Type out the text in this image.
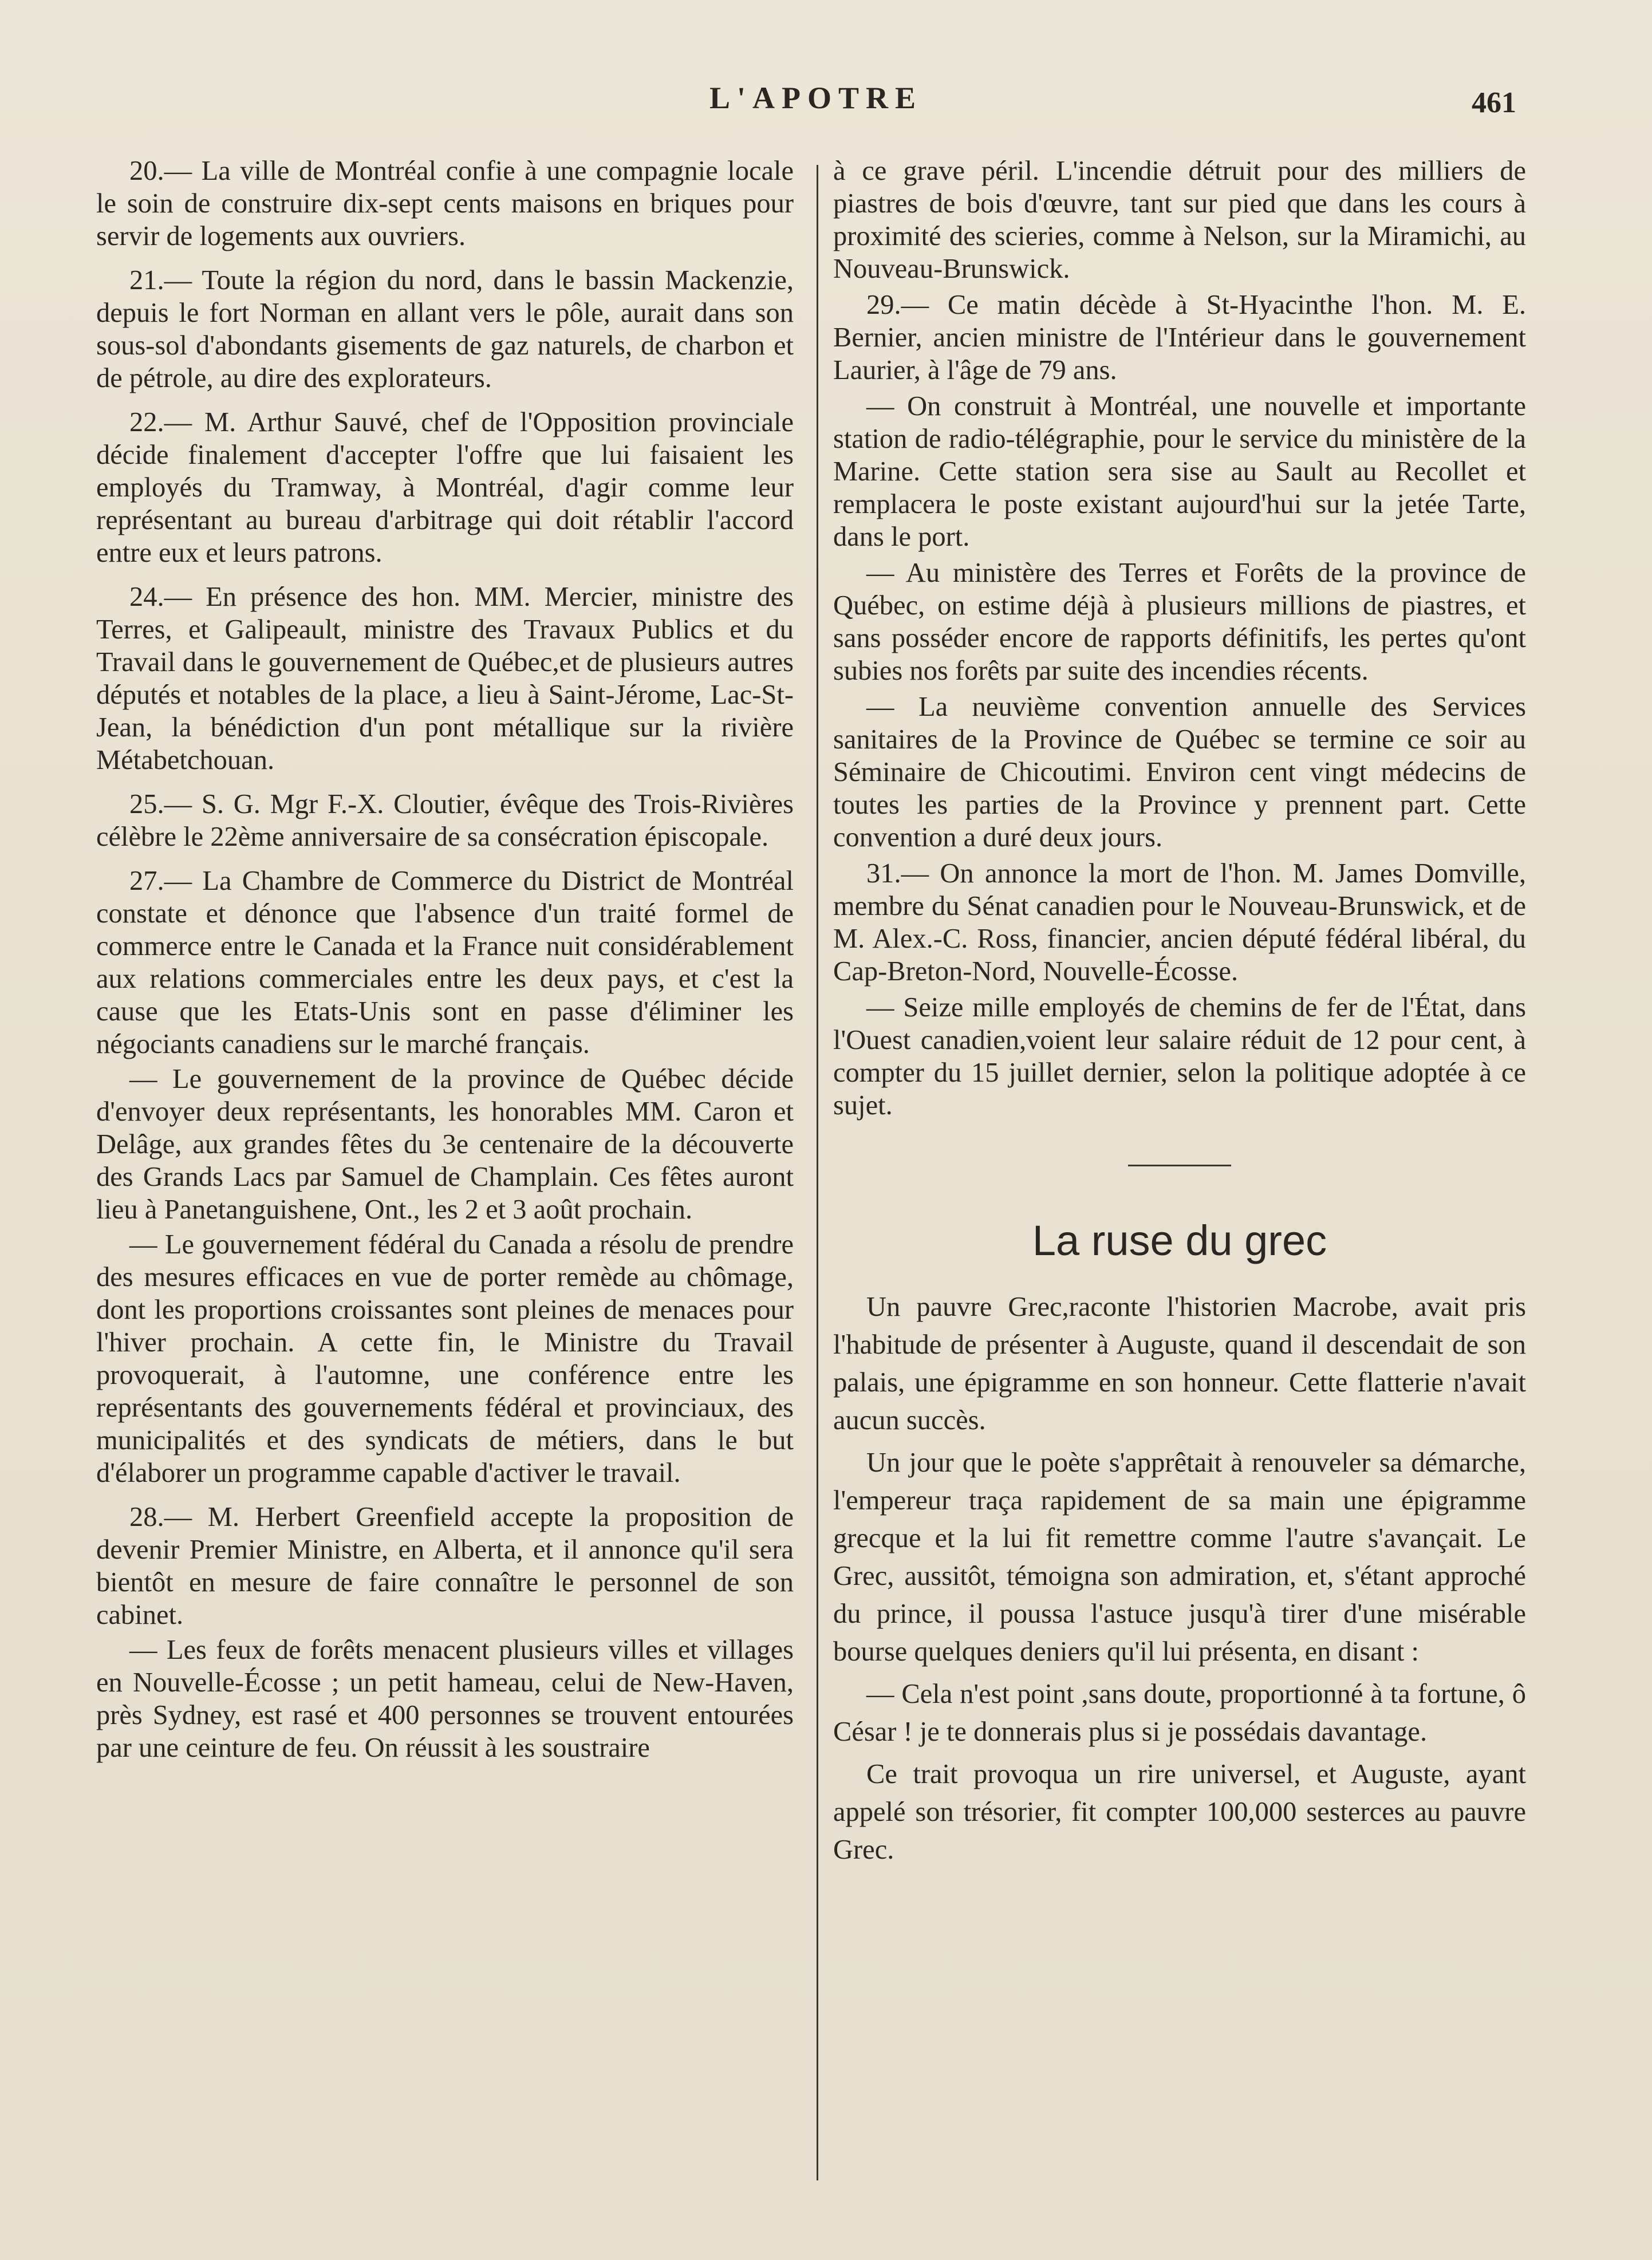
L'APOTRE	461

20.— La ville de Montréal confie à une compagnie locale le soin de construire dix-sept cents maisons en briques pour servir de logements aux ouvriers.

21.— Toute la région du nord, dans le bassin Mackenzie, depuis le fort Norman en allant vers le pôle, aurait dans son sous-sol d'abondants gisements de gaz naturels, de charbon et de pétrole, au dire des explorateurs.

22.— M. Arthur Sauvé, chef de l'Opposition provinciale décide finalement d'accepter l'offre que lui faisaient les employés du Tramway, à Montréal, d'agir comme leur représentant au bureau d'arbitrage qui doit rétablir l'accord entre eux et leurs patrons.

24.— En présence des hon. MM. Mercier, ministre des Terres, et Galipeault, ministre des Travaux Publics et du Travail dans le gouvernement de Québec,et de plusieurs autres députés et notables de la place, a lieu à Saint-Jérome, Lac-St-Jean, la bénédiction d'un pont métallique sur la rivière Métabetchouan.

25.— S. G. Mgr F.-X. Cloutier, évêque des Trois-Rivières célèbre le 22ème anniversaire de sa consécration épiscopale.

27.— La Chambre de Commerce du District de Montréal constate et dénonce que l'absence d'un traité formel de commerce entre le Canada et la France nuit considérablement aux relations commerciales entre les deux pays, et c'est la cause que les Etats-Unis sont en passe d'éliminer les négociants canadiens sur le marché français.

— Le gouvernement de la province de Québec décide d'envoyer deux représentants, les honorables MM. Caron et Delâge, aux grandes fêtes du 3e centenaire de la découverte des Grands Lacs par Samuel de Champlain. Ces fêtes auront lieu à Panetanguishene, Ont., les 2 et 3 août prochain.

— Le gouvernement fédéral du Canada a résolu de prendre des mesures efficaces en vue de porter remède au chômage, dont les proportions croissantes sont pleines de menaces pour l'hiver prochain. A cette fin, le Ministre du Travail provoquerait, à l'automne, une conférence entre les représentants des gouvernements fédéral et provinciaux, des municipalités et des syndicats de métiers, dans le but d'élaborer un programme capable d'activer le travail.

28.— M. Herbert Greenfield accepte la proposition de devenir Premier Ministre, en Alberta, et il annonce qu'il sera bientôt en mesure de faire connaître le personnel de son cabinet.

— Les feux de forêts menacent plusieurs villes et villages en Nouvelle-Écosse ; un petit hameau, celui de New-Haven, près Sydney, est rasé et 400 personnes se trouvent entourées par une ceinture de feu. On réussit à les soustraire

à ce grave péril. L'incendie détruit pour des milliers de piastres de bois d'œuvre, tant sur pied que dans les cours à proximité des scieries, comme à Nelson, sur la Miramichi, au Nouveau-Brunswick.

29.— Ce matin décède à St-Hyacinthe l'hon. M. E. Bernier, ancien ministre de l'Intérieur dans le gouvernement Laurier, à l'âge de 79 ans.

— On construit à Montréal, une nouvelle et importante station de radio-télégraphie, pour le service du ministère de la Marine. Cette station sera sise au Sault au Recollet et remplacera le poste existant aujourd'hui sur la jetée Tarte, dans le port.

— Au ministère des Terres et Forêts de la province de Québec, on estime déjà à plusieurs millions de piastres, et sans posséder encore de rapports définitifs, les pertes qu'ont subies nos forêts par suite des incendies récents.

— La neuvième convention annuelle des Services sanitaires de la Province de Québec se termine ce soir au Séminaire de Chicoutimi. Environ cent vingt médecins de toutes les parties de la Province y prennent part. Cette convention a duré deux jours.

31.— On annonce la mort de l'hon. M. James Domville, membre du Sénat canadien pour le Nouveau-Brunswick, et de M. Alex.-C. Ross, financier, ancien député fédéral libéral, du Cap-Breton-Nord, Nouvelle-Écosse.

— Seize mille employés de chemins de fer de l'État, dans l'Ouest canadien,voient leur salaire réduit de 12 pour cent, à compter du 15 juillet dernier, selon la politique adoptée à ce sujet.

La ruse du grec

Un pauvre Grec,raconte l'historien Macrobe, avait pris l'habitude de présenter à Auguste, quand il descendait de son palais, une épigramme en son honneur. Cette flatterie n'avait aucun succès.

Un jour que le poète s'apprêtait à renouveler sa démarche, l'empereur traça rapidement de sa main une épigramme grecque et la lui fit remettre comme l'autre s'avançait. Le Grec, aussitôt, témoigna son admiration, et, s'étant approché du prince, il poussa l'astuce jusqu'à tirer d'une misérable bourse quelques deniers qu'il lui présenta, en disant :

— Cela n'est point ,sans doute, proportionné à ta fortune, ô César ! je te donnerais plus si je possédais davantage.

Ce trait provoqua un rire universel, et Auguste, ayant appelé son trésorier, fit compter 100,000 sesterces au pauvre Grec.
